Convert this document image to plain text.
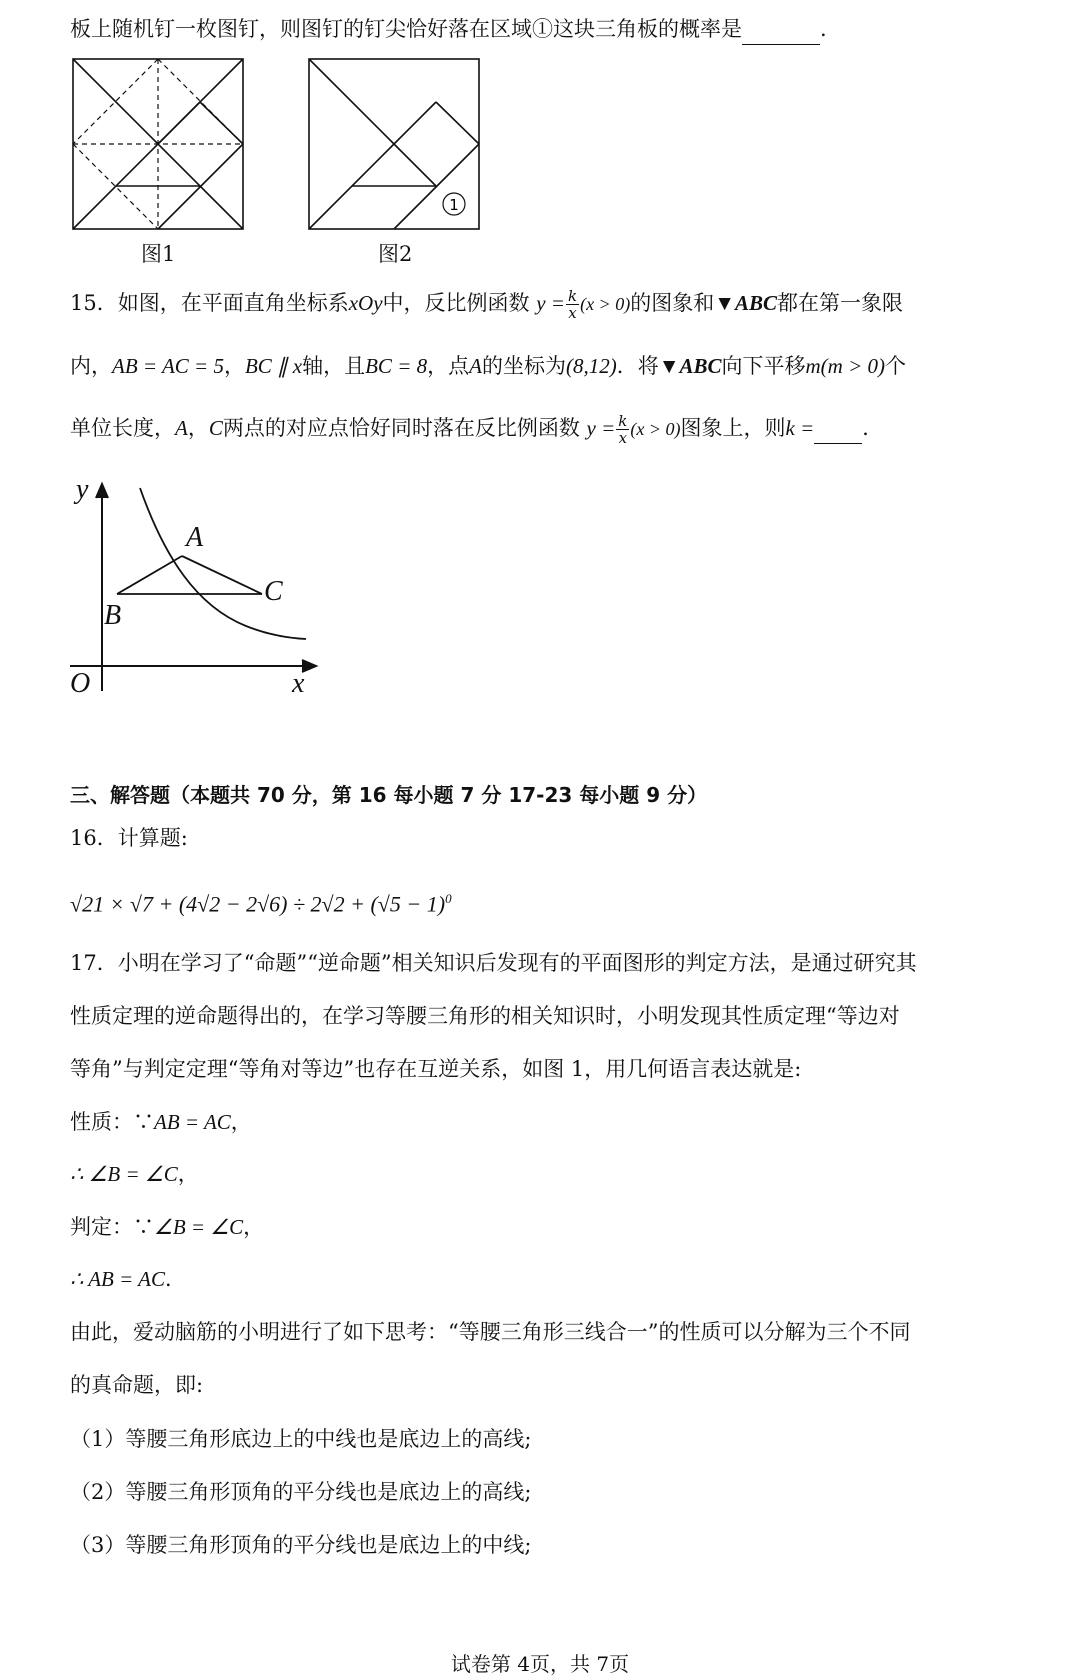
板上随机钉一枚图钉，则图钉的钉尖恰好落在区域①这块三角板的概率是	.
图1
1
图2
15．如图，在平面直角坐标系xOy中，反比例函数 $y = \frac{k}{x} (x > 0)$的图象和▼ABC都在第一象限
内，AB = AC = 5，BC ∥ x轴，且BC = 8，点A的坐标为(8,12)．将▼ABC向下平移m(m > 0)个
单位长度，A，C两点的对应点恰好同时落在反比例函数 $y = \frac{k}{x} (x > 0)$图象上，则k = ．
y
A
B
C
O	x
三、解答题（本题共 70 分，第 16 每小题 7 分 17-23 每小题 9 分）
16．计算题:
$√21 \times √7 + (4√2 - 2√6) \div 2√2 + (√5 - 1)^0$
17．小明在学习了“命题”“逆命题”相关知识后发现有的平面图形的判定方法，是通过研究其
性质定理的逆命题得出的，在学习等腰三角形的相关知识时，小明发现其性质定理“等边对
等角”与判定定理“等角对等边”也存在互逆关系，如图 1，用几何语言表达就是:
性质：∵AB = AC，
∴ ∠B = ∠C，
判定：∵∠B = ∠C，
∴ AB = AC．
由此，爱动脑筋的小明进行了如下思考：“等腰三角形三线合一”的性质可以分解为三个不同
的真命题，即:
（1）等腰三角形底边上的中线也是底边上的高线;
（2）等腰三角形顶角的平分线也是底边上的高线;
（3）等腰三角形顶角的平分线也是底边上的中线;
试卷第 4页，共 7页
